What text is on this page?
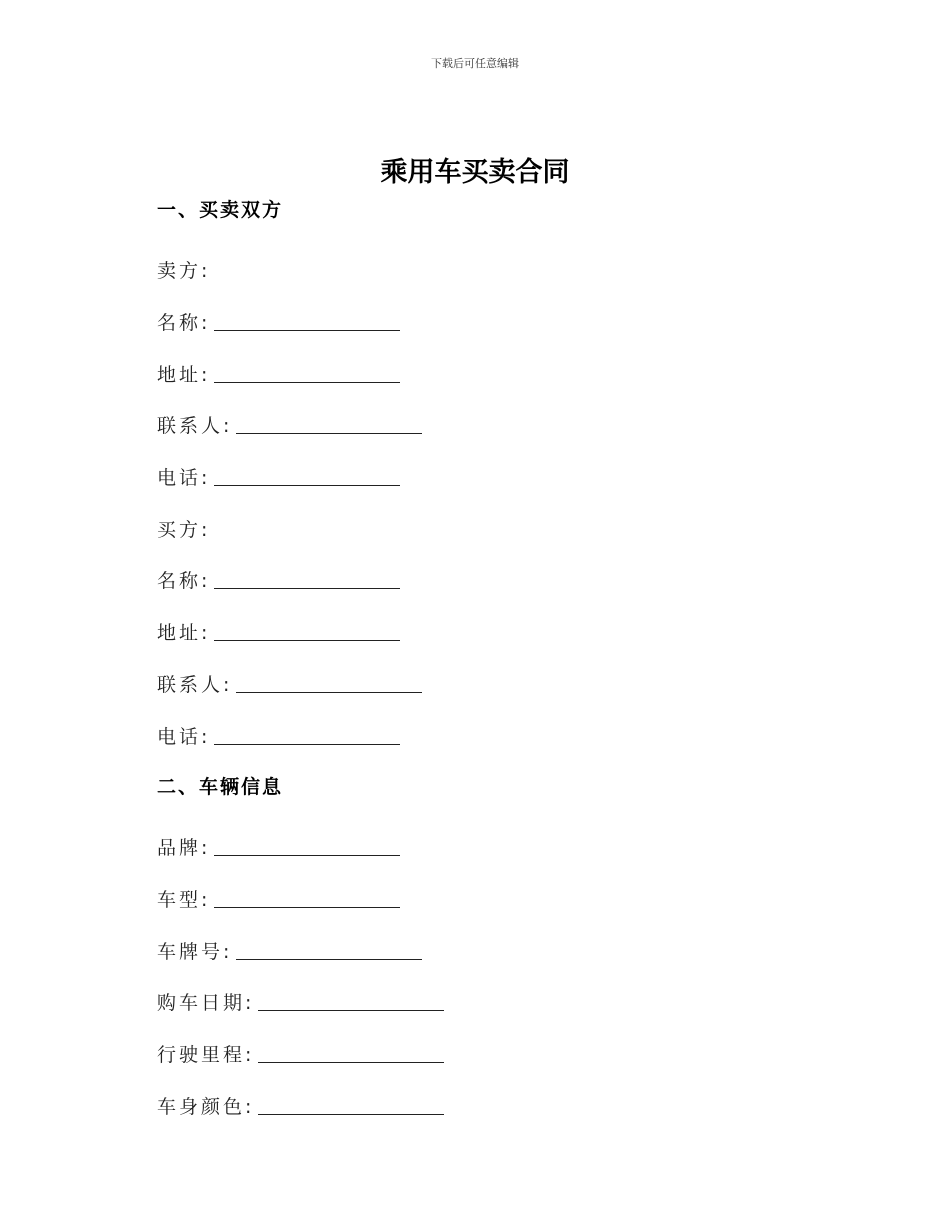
下载后可任意编辑
乘用车买卖合同
一、买卖双方
卖方:
名称:
地址:
联系人:
电话:
买方:
名称:
地址:
联系人:
电话:
二、车辆信息
品牌:
车型:
车牌号:
购车日期:
行驶里程:
车身颜色:
